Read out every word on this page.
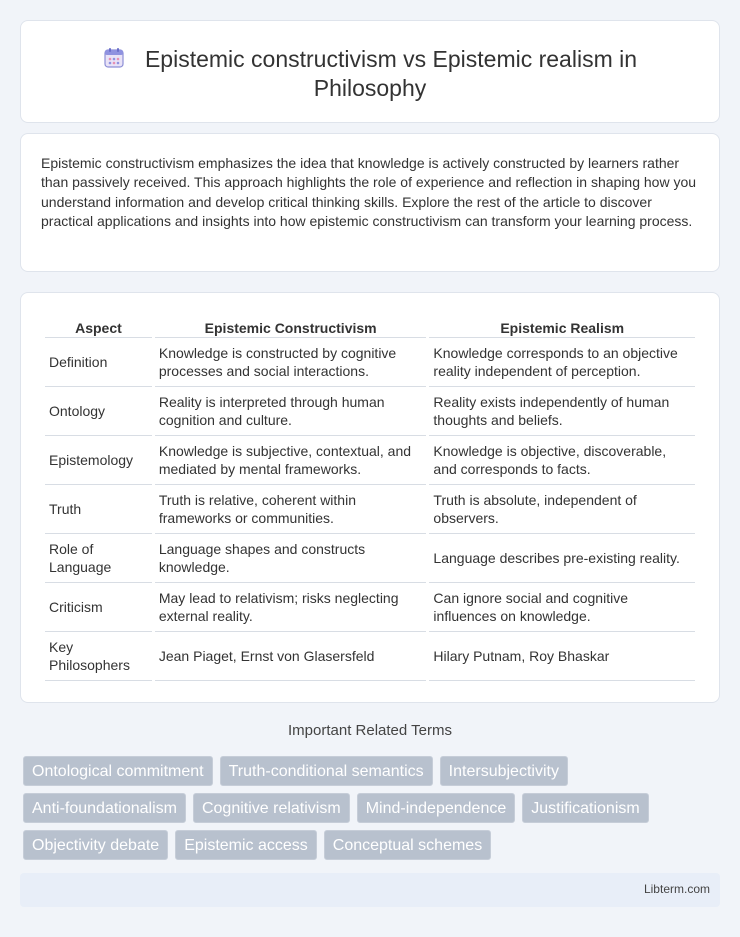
Epistemic constructivism vs Epistemic realism in
Philosophy

Epistemic constructivism emphasizes the idea that knowledge is actively constructed by learners rather than passively received. This approach highlights the role of experience and reflection in shaping how you understand information and develop critical thinking skills. Explore the rest of the article to discover practical applications and insights into how epistemic constructivism can transform your learning process.

Aspect	Epistemic Constructivism	Epistemic Realism
Definition	Knowledge is constructed by cognitive processes and social interactions.	Knowledge corresponds to an objective reality independent of perception.
Ontology	Reality is interpreted through human cognition and culture.	Reality exists independently of human thoughts and beliefs.
Epistemology	Knowledge is subjective, contextual, and mediated by mental frameworks.	Knowledge is objective, discoverable, and corresponds to facts.
Truth	Truth is relative, coherent within frameworks or communities.	Truth is absolute, independent of observers.
Role of Language	Language shapes and constructs knowledge.	Language describes pre-existing reality.
Criticism	May lead to relativism; risks neglecting external reality.	Can ignore social and cognitive influences on knowledge.
Key Philosophers	Jean Piaget, Ernst von Glasersfeld	Hilary Putnam, Roy Bhaskar
Important Related Terms
Ontological commitment	Truth-conditional semantics	Intersubjectivity
Anti-foundationalism	Cognitive relativism	Mind-independence	Justificationism
Objectivity debate	Epistemic access	Conceptual schemes
Libterm.com
